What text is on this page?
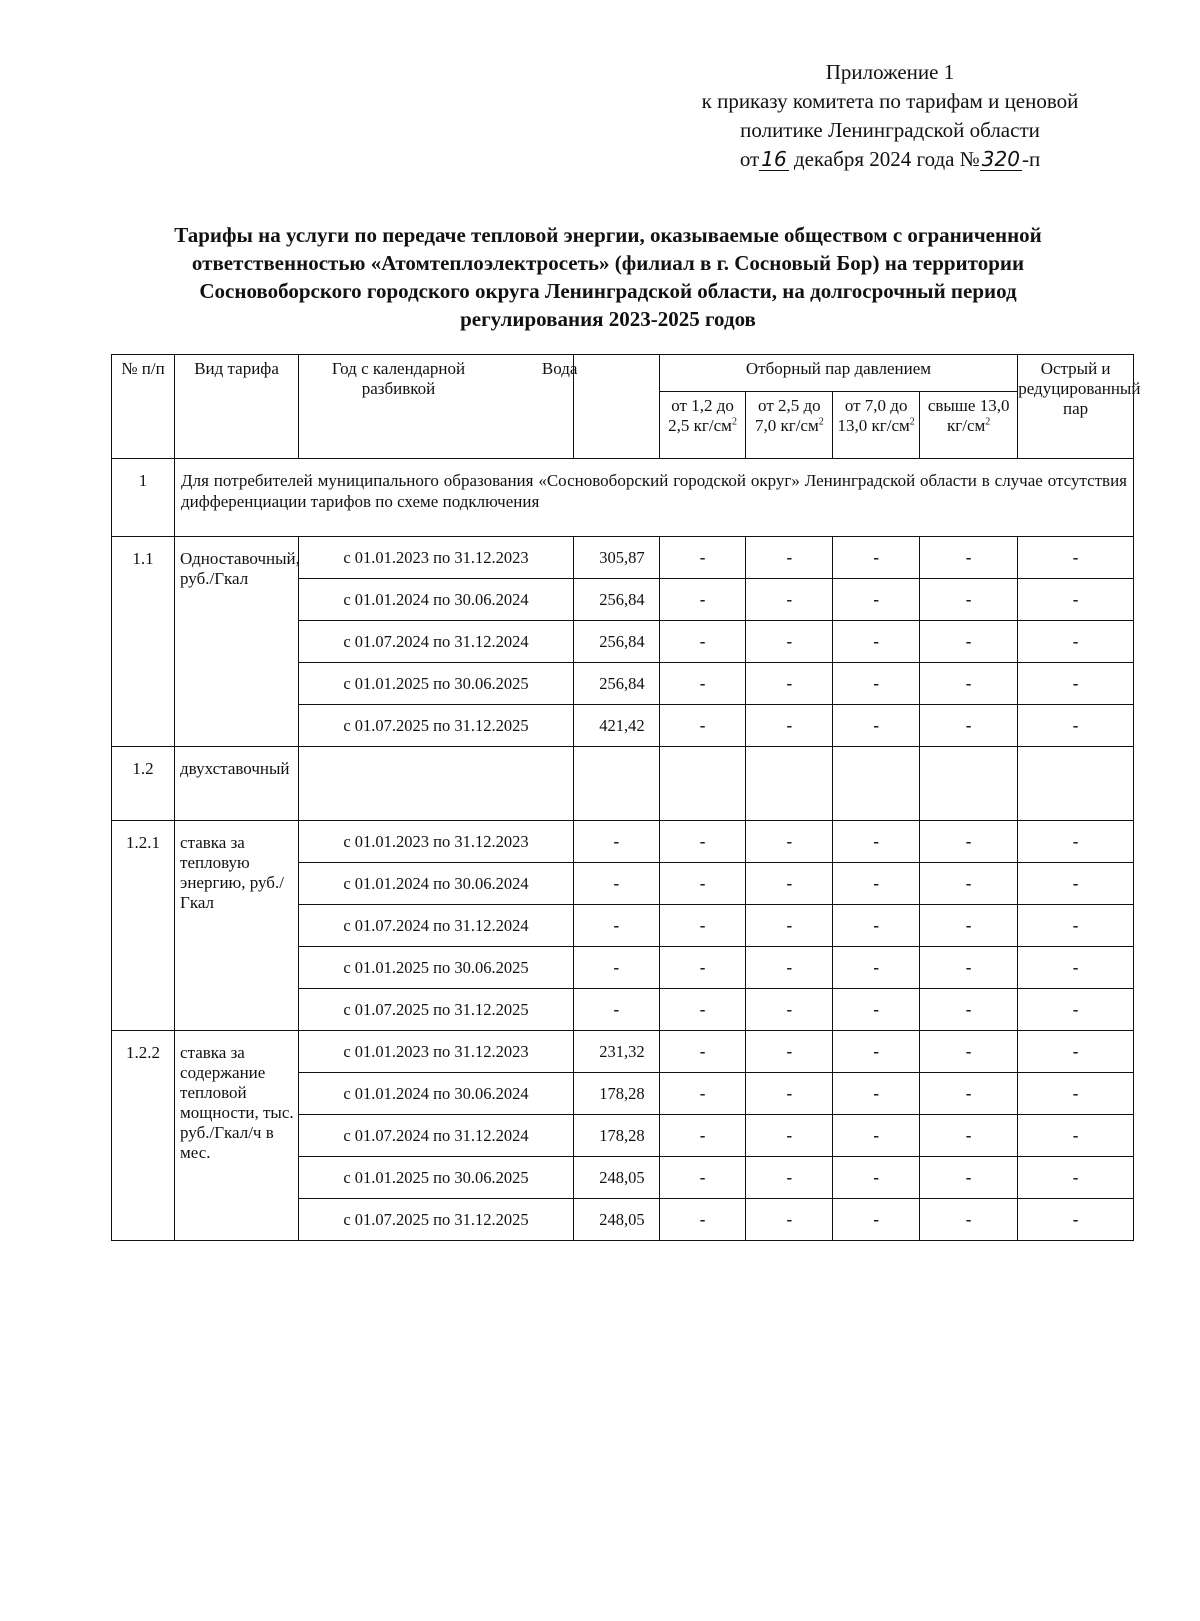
Приложение 1
к приказу комитета по тарифам и ценовой
политике Ленинградской области
от 16 декабря 2024 года № 320-п
Тарифы на услуги по передаче тепловой энергии, оказываемые обществом с ограниченной
ответственностью «Атомтеплоэлектросеть» (филиал в г. Сосновый Бор) на территории
Сосновоборского городского округа Ленинградской области, на долгосрочный период
регулирования 2023-2025 годов
№ п/п	Вид тарифа	Год с календарной разбивкой	Вода	Отборный пар давлением	Острый и редуцированный пар
от 1,2 до 2,5 $кг/см^2$	от 2,5 до 7,0 $кг/см^2$	от 7,0 до 13,0 $кг/см^2$	свыше 13,0 $кг/см^2$
1	Для потребителей муниципального образования «Сосновоборский городской округ» Ленинградской области в случае отсутствия дифференциации тарифов по схеме подключения
1.1	Одноставочный, руб./Гкал	с 01.01.2023 по 31.12.2023	305,87	-	-	-	-	-
с 01.01.2024 по 30.06.2024	256,84	-	-	-	-	-
с 01.07.2024 по 31.12.2024	256,84	-	-	-	-	-
с 01.01.2025 по 30.06.2025	256,84	-	-	-	-	-
с 01.07.2025 по 31.12.2025	421,42	-	-	-	-	-
1.2	двухставочный							
1.2.1	ставка за тепловую энергию, руб./Гкал	с 01.01.2023 по 31.12.2023	-	-	-	-	-	-
с 01.01.2024 по 30.06.2024	-	-	-	-	-	-
с 01.07.2024 по 31.12.2024	-	-	-	-	-	-
с 01.01.2025 по 30.06.2025	-	-	-	-	-	-
с 01.07.2025 по 31.12.2025	-	-	-	-	-	-
1.2.2	ставка за содержание тепловой мощности, тыс. руб./Гкал/ч в мес.	с 01.01.2023 по 31.12.2023	231,32	-	-	-	-	-
с 01.01.2024 по 30.06.2024	178,28	-	-	-	-	-
с 01.07.2024 по 31.12.2024	178,28	-	-	-	-	-
с 01.01.2025 по 30.06.2025	248,05	-	-	-	-	-
с 01.07.2025 по 31.12.2025	248,05	-	-	-	-	-
